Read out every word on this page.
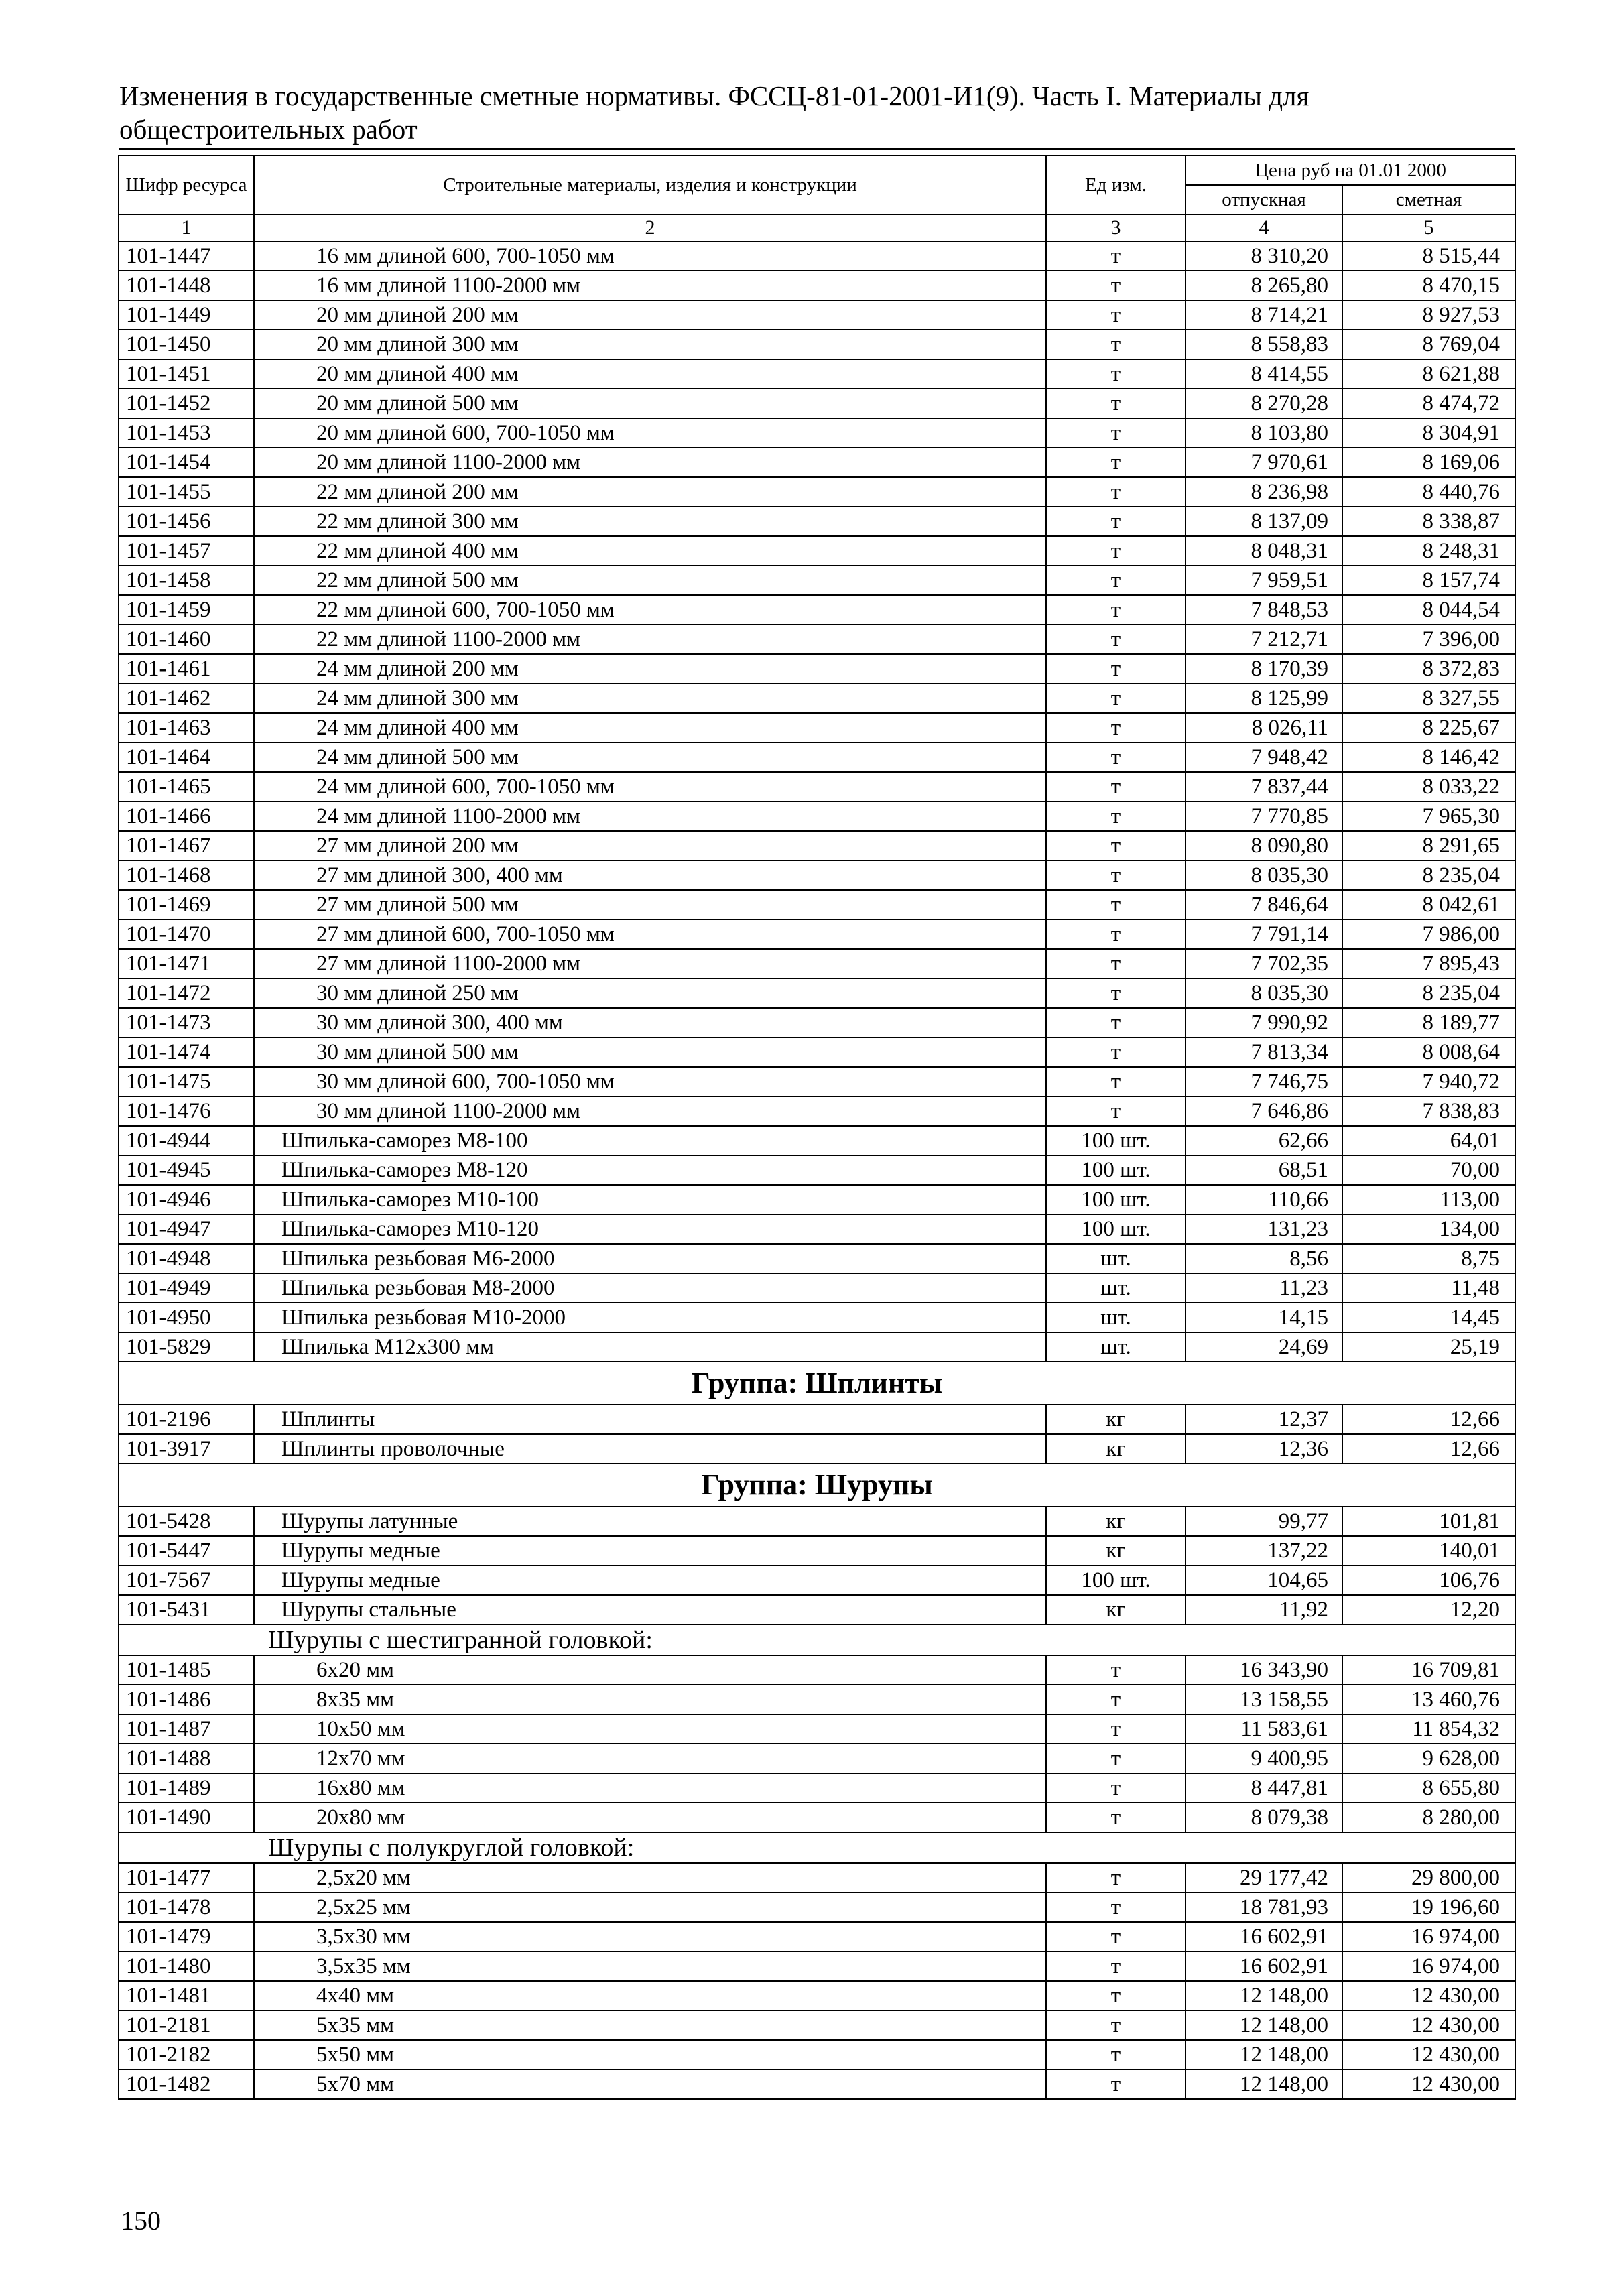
Изменения в государственные сметные нормативы. ФССЦ-81-01-2001-И1(9). Часть I. Материалы для
общестроительных работ
Шифр ресурса	Строительные материалы, изделия и конструкции	Ед изм.	Цена руб на 01.01 2000	
			отпускная	сметная
1	2	3	4	5
101-1447	16 мм длиной 600, 700-1050 мм	т	8 310,20	8 515,44
101-1448	16 мм длиной 1100-2000 мм	т	8 265,80	8 470,15
101-1449	20 мм длиной 200 мм	т	8 714,21	8 927,53
101-1450	20 мм длиной 300 мм	т	8 558,83	8 769,04
101-1451	20 мм длиной 400 мм	т	8 414,55	8 621,88
101-1452	20 мм длиной 500 мм	т	8 270,28	8 474,72
101-1453	20 мм длиной 600, 700-1050 мм	т	8 103,80	8 304,91
101-1454	20 мм длиной 1100-2000 мм	т	7 970,61	8 169,06
101-1455	22 мм длиной 200 мм	т	8 236,98	8 440,76
101-1456	22 мм длиной 300 мм	т	8 137,09	8 338,87
101-1457	22 мм длиной 400 мм	т	8 048,31	8 248,31
101-1458	22 мм длиной 500 мм	т	7 959,51	8 157,74
101-1459	22 мм длиной 600, 700-1050 мм	т	7 848,53	8 044,54
101-1460	22 мм длиной 1100-2000 мм	т	7 212,71	7 396,00
101-1461	24 мм длиной 200 мм	т	8 170,39	8 372,83
101-1462	24 мм длиной 300 мм	т	8 125,99	8 327,55
101-1463	24 мм длиной 400 мм	т	8 026,11	8 225,67
101-1464	24 мм длиной 500 мм	т	7 948,42	8 146,42
101-1465	24 мм длиной 600, 700-1050 мм	т	7 837,44	8 033,22
101-1466	24 мм длиной 1100-2000 мм	т	7 770,85	7 965,30
101-1467	27 мм длиной 200 мм	т	8 090,80	8 291,65
101-1468	27 мм длиной 300, 400 мм	т	8 035,30	8 235,04
101-1469	27 мм длиной 500 мм	т	7 846,64	8 042,61
101-1470	27 мм длиной 600, 700-1050 мм	т	7 791,14	7 986,00
101-1471	27 мм длиной 1100-2000 мм	т	7 702,35	7 895,43
101-1472	30 мм длиной 250 мм	т	8 035,30	8 235,04
101-1473	30 мм длиной 300, 400 мм	т	7 990,92	8 189,77
101-1474	30 мм длиной 500 мм	т	7 813,34	8 008,64
101-1475	30 мм длиной 600, 700-1050 мм	т	7 746,75	7 940,72
101-1476	30 мм длиной 1100-2000 мм	т	7 646,86	7 838,83
101-4944	Шпилька-саморез М8-100	100 шт.	62,66	64,01
101-4945	Шпилька-саморез М8-120	100 шт.	68,51	70,00
101-4946	Шпилька-саморез М10-100	100 шт.	110,66	113,00
101-4947	Шпилька-саморез М10-120	100 шт.	131,23	134,00
101-4948	Шпилька резьбовая М6-2000	шт.	8,56	8,75
101-4949	Шпилька резьбовая М8-2000	шт.	11,23	11,48
101-4950	Шпилька резьбовая М10-2000	шт.	14,15	14,45
101-5829	Шпилька М12х300 мм	шт.	24,69	25,19
Группа: Шплинты				
101-2196	Шплинты	кг	12,37	12,66
101-3917	Шплинты проволочные	кг	12,36	12,66
Группа: Шурупы				
101-5428	Шурупы латунные	кг	99,77	101,81
101-5447	Шурупы медные	кг	137,22	140,01
101-7567	Шурупы медные	100 шт.	104,65	106,76
101-5431	Шурупы стальные	кг	11,92	12,20
Шурупы с шестигранной головкой:				
101-1485	6х20 мм	т	16 343,90	16 709,81
101-1486	8х35 мм	т	13 158,55	13 460,76
101-1487	10х50 мм	т	11 583,61	11 854,32
101-1488	12х70 мм	т	9 400,95	9 628,00
101-1489	16х80 мм	т	8 447,81	8 655,80
101-1490	20х80 мм	т	8 079,38	8 280,00
Шурупы с полукруглой головкой:				
101-1477	2,5х20 мм	т	29 177,42	29 800,00
101-1478	2,5х25 мм	т	18 781,93	19 196,60
101-1479	3,5х30 мм	т	16 602,91	16 974,00
101-1480	3,5х35 мм	т	16 602,91	16 974,00
101-1481	4х40 мм	т	12 148,00	12 430,00
101-2181	5х35 мм	т	12 148,00	12 430,00
101-2182	5х50 мм	т	12 148,00	12 430,00
101-1482	5х70 мм	т	12 148,00	12 430,00
150
